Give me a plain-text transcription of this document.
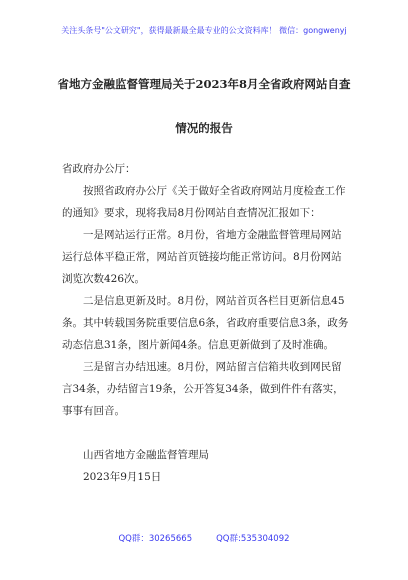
关注头条号"公文研究"，获得最新最全最专业的公文资料库！ 微信：gongwenyj
省地方金融监督管理局关于2023年8月全省政府网站自查
情况的报告
省政府办公厅：

按照省政府办公厅《关于做好全省政府网站月度检查工作的通知》要求，现将我局8月份网站自查情况汇报如下：

一是网站运行正常。8月份，省地方金融监督管理局网站运行总体平稳正常，网站首页链接均能正常访问。8月份网站浏览次数426次。

二是信息更新及时。8月份，网站首页各栏目更新信息45条。其中转载国务院重要信息6条，省政府重要信息3条，政务动态信息31条，图片新闻4条。信息更新做到了及时准确。

三是留言办结迅速。8月份，网站留言信箱共收到网民留言34条，办结留言19条，公开答复34条，做到件件有落实，事事有回音。

山西省地方金融监督管理局
2023年9月15日
QQ群：30265665	QQ群:535304092
